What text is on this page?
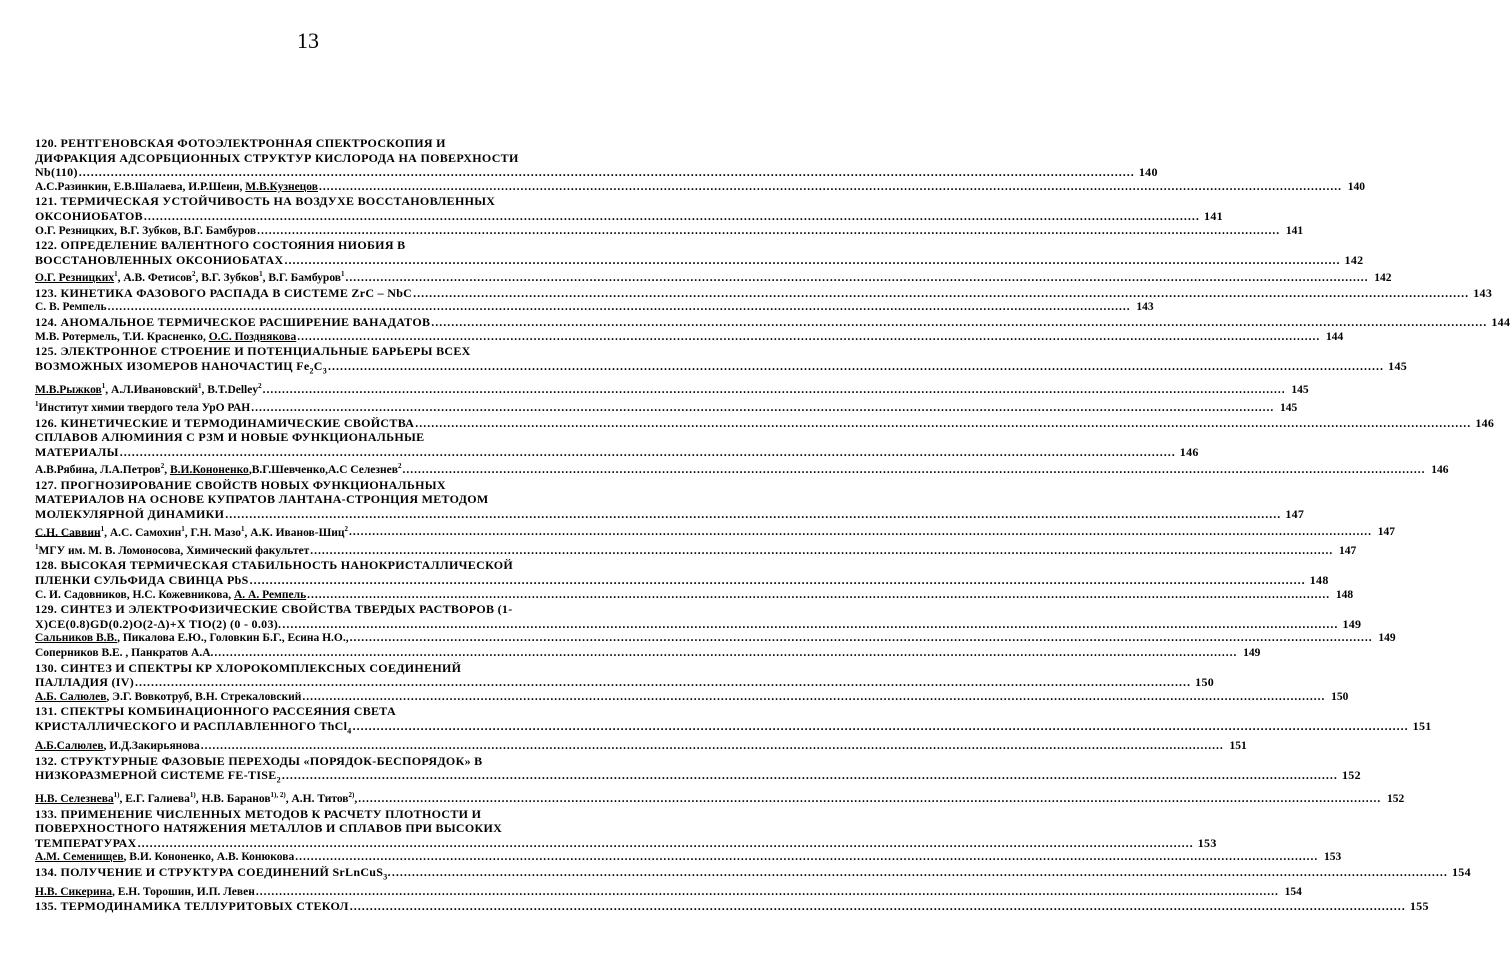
13
120. РЕНТГЕНОВСКАЯ ФОТОЭЛЕКТРОННАЯ СПЕКТРОСКОПИЯ И
ДИФРАКЦИЯ АДСОРБЦИОННЫХ СТРУКТУР КИСЛОРОДА НА ПОВЕРХНОСТИ
Nb(110) .....	140
А.С.Разинкин, Е.В.Шалаева, И.Р.Шеин, М.В.Кузнецов .....	140
121. ТЕРМИЧЕСКАЯ УСТОЙЧИВОСТЬ НА ВОЗДУХЕ ВОССТАНОВЛЕННЫХ
ОКСОНИОБАТОВ .....	141
О.Г. Резницких, В.Г. Зубков, В.Г. Бамбуров .....	141
122. ОПРЕДЕЛЕНИЕ ВАЛЕНТНОГО СОСТОЯНИЯ НИОБИЯ В
ВОССТАНОВЛЕННЫХ ОКСОНИОБАТАХ .....	142
О.Г. Резницких$^1$, А.В. Фетисов$^2$, В.Г. Зубков$^1$, В.Г. Бамбуров$^1$ .....	142
123. КИНЕТИКА ФАЗОВОГО РАСПАДА В СИСТЕМЕ ZrC – NbC .....	143
С. В. Ремпель .....	143
124. АНОМАЛЬНОЕ ТЕРМИЧЕСКОЕ РАСШИРЕНИЕ ВАНАДАТОВ .....	144
М.В. Ротермель, Т.И. Красненко, О.С. Позднякова .....	144
125. ЭЛЕКТРОННОЕ СТРОЕНИЕ И ПОТЕНЦИАЛЬНЫЕ БАРЬЕРЫ ВСЕХ
ВОЗМОЖНЫХ ИЗОМЕРОВ НАНОЧАСТИЦ $Fe_2C_3$ .....	145
М.В.Рыжков$^1$, А.Л.Ивановский$^1$, В.T.Delley$^2$ .....	145
$^1$Институт химии твердого тела УрО РАН .....	145
126. КИНЕТИЧЕСКИЕ И ТЕРМОДИНАМИЧЕСКИЕ СВОЙСТВА .....	146
СПЛАВОВ АЛЮМИНИЯ С РЗМ И НОВЫЕ ФУНКЦИОНАЛЬНЫЕ
МАТЕРИАЛЫ .....	146
А.В.Рябина, Л.А.Петров$^2$, В.И.Кононенко,В.Г.Шевченко,А.С Селезнев$^2$ .....	146
127. ПРОГНОЗИРОВАНИЕ СВОЙСТВ НОВЫХ ФУНКЦИОНАЛЬНЫХ
МАТЕРИАЛОВ НА ОСНОВЕ КУПРАТОВ ЛАНТАНА-СТРОНЦИЯ МЕТОДОМ
МОЛЕКУЛЯРНОЙ ДИНАМИКИ .....	147
С.Н. Саввин$^1$, А.С. Самохин$^1$, Г.Н. Мазо$^1$, А.К. Иванов-Шиц$^2$ .....	147
$^1$МГУ им. М. В. Ломоносова, Химический факультет .....	147
128. ВЫСОКАЯ ТЕРМИЧЕСКАЯ СТАБИЛЬНОСТЬ НАНОКРИСТАЛЛИЧЕСКОЙ
ПЛЕНКИ СУЛЬФИДА СВИНЦА PbS .....	148
С. И. Садовников, Н.С. Кожевникова, А. А. Ремпель .....	148
129. СИНТЕЗ И ЭЛЕКТРОФИЗИЧЕСКИЕ СВОЙСТВА ТВЕРДЫХ РАСТВОРОВ (1-
X)CE(0.8)GD(0.2)O(2-Δ)+X TIO(2) (0 - 0.03). .....	149
Сальников В.В., Пикалова Е.Ю., Головкин Б.Г., Есина Н.О., .....	149
Соперников В.Е. , Панкратов А.А. .....	149
130. СИНТЕЗ И СПЕКТРЫ КР ХЛОРОКОМПЛЕКСНЫХ СОЕДИНЕНИЙ
ПАЛЛАДИЯ (IV) .....	150
А.Б. Салюлев, Э.Г. Вовкотруб, В.Н. Стрекаловский .....	150
131. СПЕКТРЫ КОМБИНАЦИОННОГО РАССЕЯНИЯ СВЕТА
КРИСТАЛЛИЧЕСКОГО И РАСПЛАВЛЕННОГО ThCl$_4$ .....	151
А.Б.Салюлев, И.Д.Закирьянова .....	151
132. СТРУКТУРНЫЕ ФАЗОВЫЕ ПЕРЕХОДЫ «ПОРЯДОК-БЕСПОРЯДОК» В
НИЗКОРАЗМЕРНОЙ СИСТЕМЕ $FE-TISE_2$ .....	152
Н.В. Селезнева$^{1)}$, Е.Г. Галиева$^{1)}$, Н.В. Баранов$^{1), 2)}$, А.Н. Титов$^{2)}$, .....	152
133. ПРИМЕНЕНИЕ ЧИСЛЕННЫХ МЕТОДОВ К РАСЧЕТУ ПЛОТНОСТИ И
ПОВЕРХНОСТНОГО НАТЯЖЕНИЯ МЕТАЛЛОВ И СПЛАВОВ ПРИ ВЫСОКИХ
ТЕМПЕРАТУРАХ .....	153
А.М. Семенищев, В.И. Кононенко, А.В. Конюкова .....	153
134. ПОЛУЧЕНИЕ И СТРУКТУРА СОЕДИНЕНИЙ SrLnCuS$_3$. .....	154
Н.В. Сикерина, Е.Н. Торошин, И.П. Левен .....	154
135. ТЕРМОДИНАМИКА ТЕЛЛУРИТОВЫХ СТЕКОЛ .....	155
